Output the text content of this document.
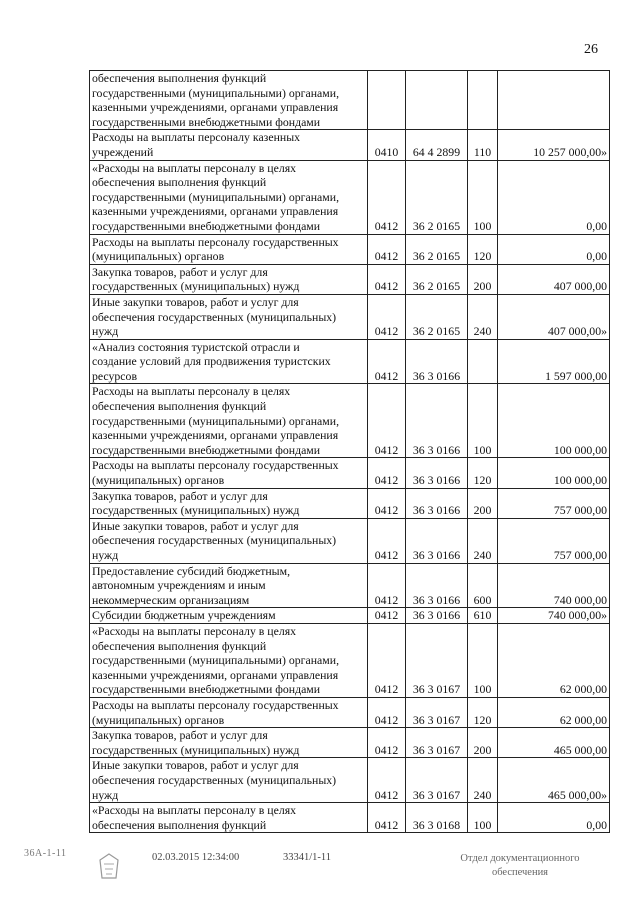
26
обеспечения выполнения функций
государственными (муниципальными) органами,
казенными учреждениями, органами управления
государственными внебюджетными фондами				
Расходы на выплаты персоналу казенных
учреждений	0410	64 4 2899	110	10 257 000,00»
«Расходы на выплаты персоналу в целях
обеспечения выполнения функций
государственными (муниципальными) органами,
казенными учреждениями, органами управления
государственными внебюджетными фондами	0412	36 2 0165	100	0,00
Расходы на выплаты персоналу государственных
(муниципальных) органов	0412	36 2 0165	120	0,00
Закупка товаров, работ и услуг для
государственных (муниципальных) нужд	0412	36 2 0165	200	407 000,00
Иные закупки товаров, работ и услуг для
обеспечения государственных (муниципальных)
нужд	0412	36 2 0165	240	407 000,00»
«Анализ состояния туристской отрасли и
создание условий для продвижения туристских
ресурсов	0412	36 3 0166		1 597 000,00
Расходы на выплаты персоналу в целях
обеспечения выполнения функций
государственными (муниципальными) органами,
казенными учреждениями, органами управления
государственными внебюджетными фондами	0412	36 3 0166	100	100 000,00
Расходы на выплаты персоналу государственных
(муниципальных) органов	0412	36 3 0166	120	100 000,00
Закупка товаров, работ и услуг для
государственных (муниципальных) нужд	0412	36 3 0166	200	757 000,00
Иные закупки товаров, работ и услуг для
обеспечения государственных (муниципальных)
нужд	0412	36 3 0166	240	757 000,00
Предоставление субсидий бюджетным,
автономным учреждениям и иным
некоммерческим организациям	0412	36 3 0166	600	740 000,00
Субсидии бюджетным учреждениям	0412	36 3 0166	610	740 000,00»
«Расходы на выплаты персоналу в целях
обеспечения выполнения функций
государственными (муниципальными) органами,
казенными учреждениями, органами управления
государственными внебюджетными фондами	0412	36 3 0167	100	62 000,00
Расходы на выплаты персоналу государственных
(муниципальных) органов	0412	36 3 0167	120	62 000,00
Закупка товаров, работ и услуг для
государственных (муниципальных) нужд	0412	36 3 0167	200	465 000,00
Иные закупки товаров, работ и услуг для
обеспечения государственных (муниципальных)
нужд	0412	36 3 0167	240	465 000,00»
«Расходы на выплаты персоналу в целях
обеспечения выполнения функций	0412	36 3 0168	100	0,00
36А-1-11	02.03.2015 12:34:00	33341/1-11	Отдел документационного
обеспечения
